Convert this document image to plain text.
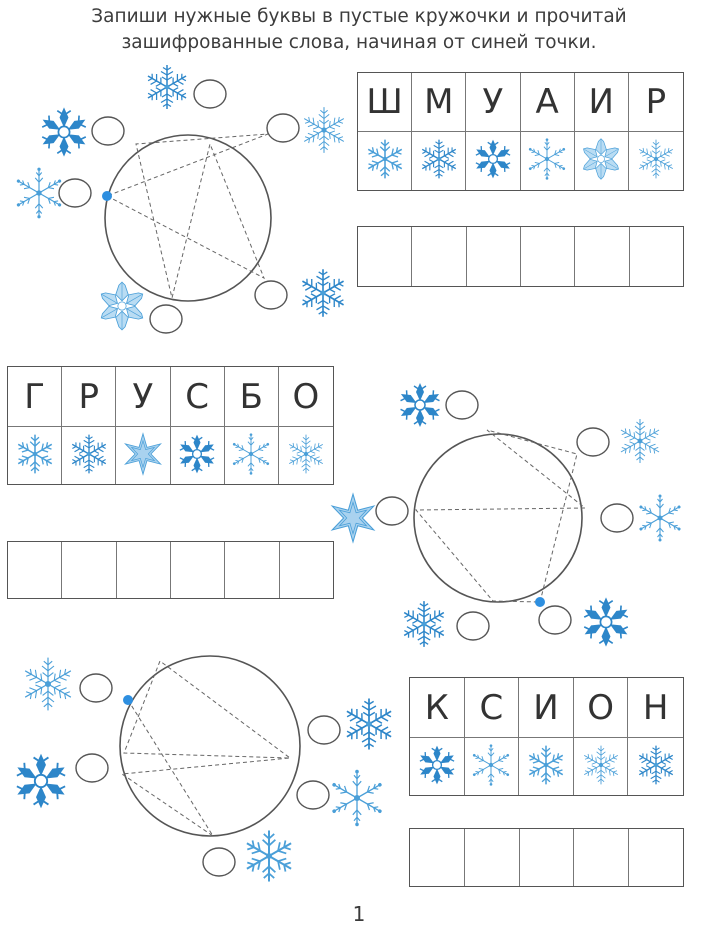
Запиши нужные буквы в пустые кружочки и прочитай
зашифрованные слова, начиная от синей точки.
Ш М У А И Р
Г Р У С Б О
К С И О Н
1
